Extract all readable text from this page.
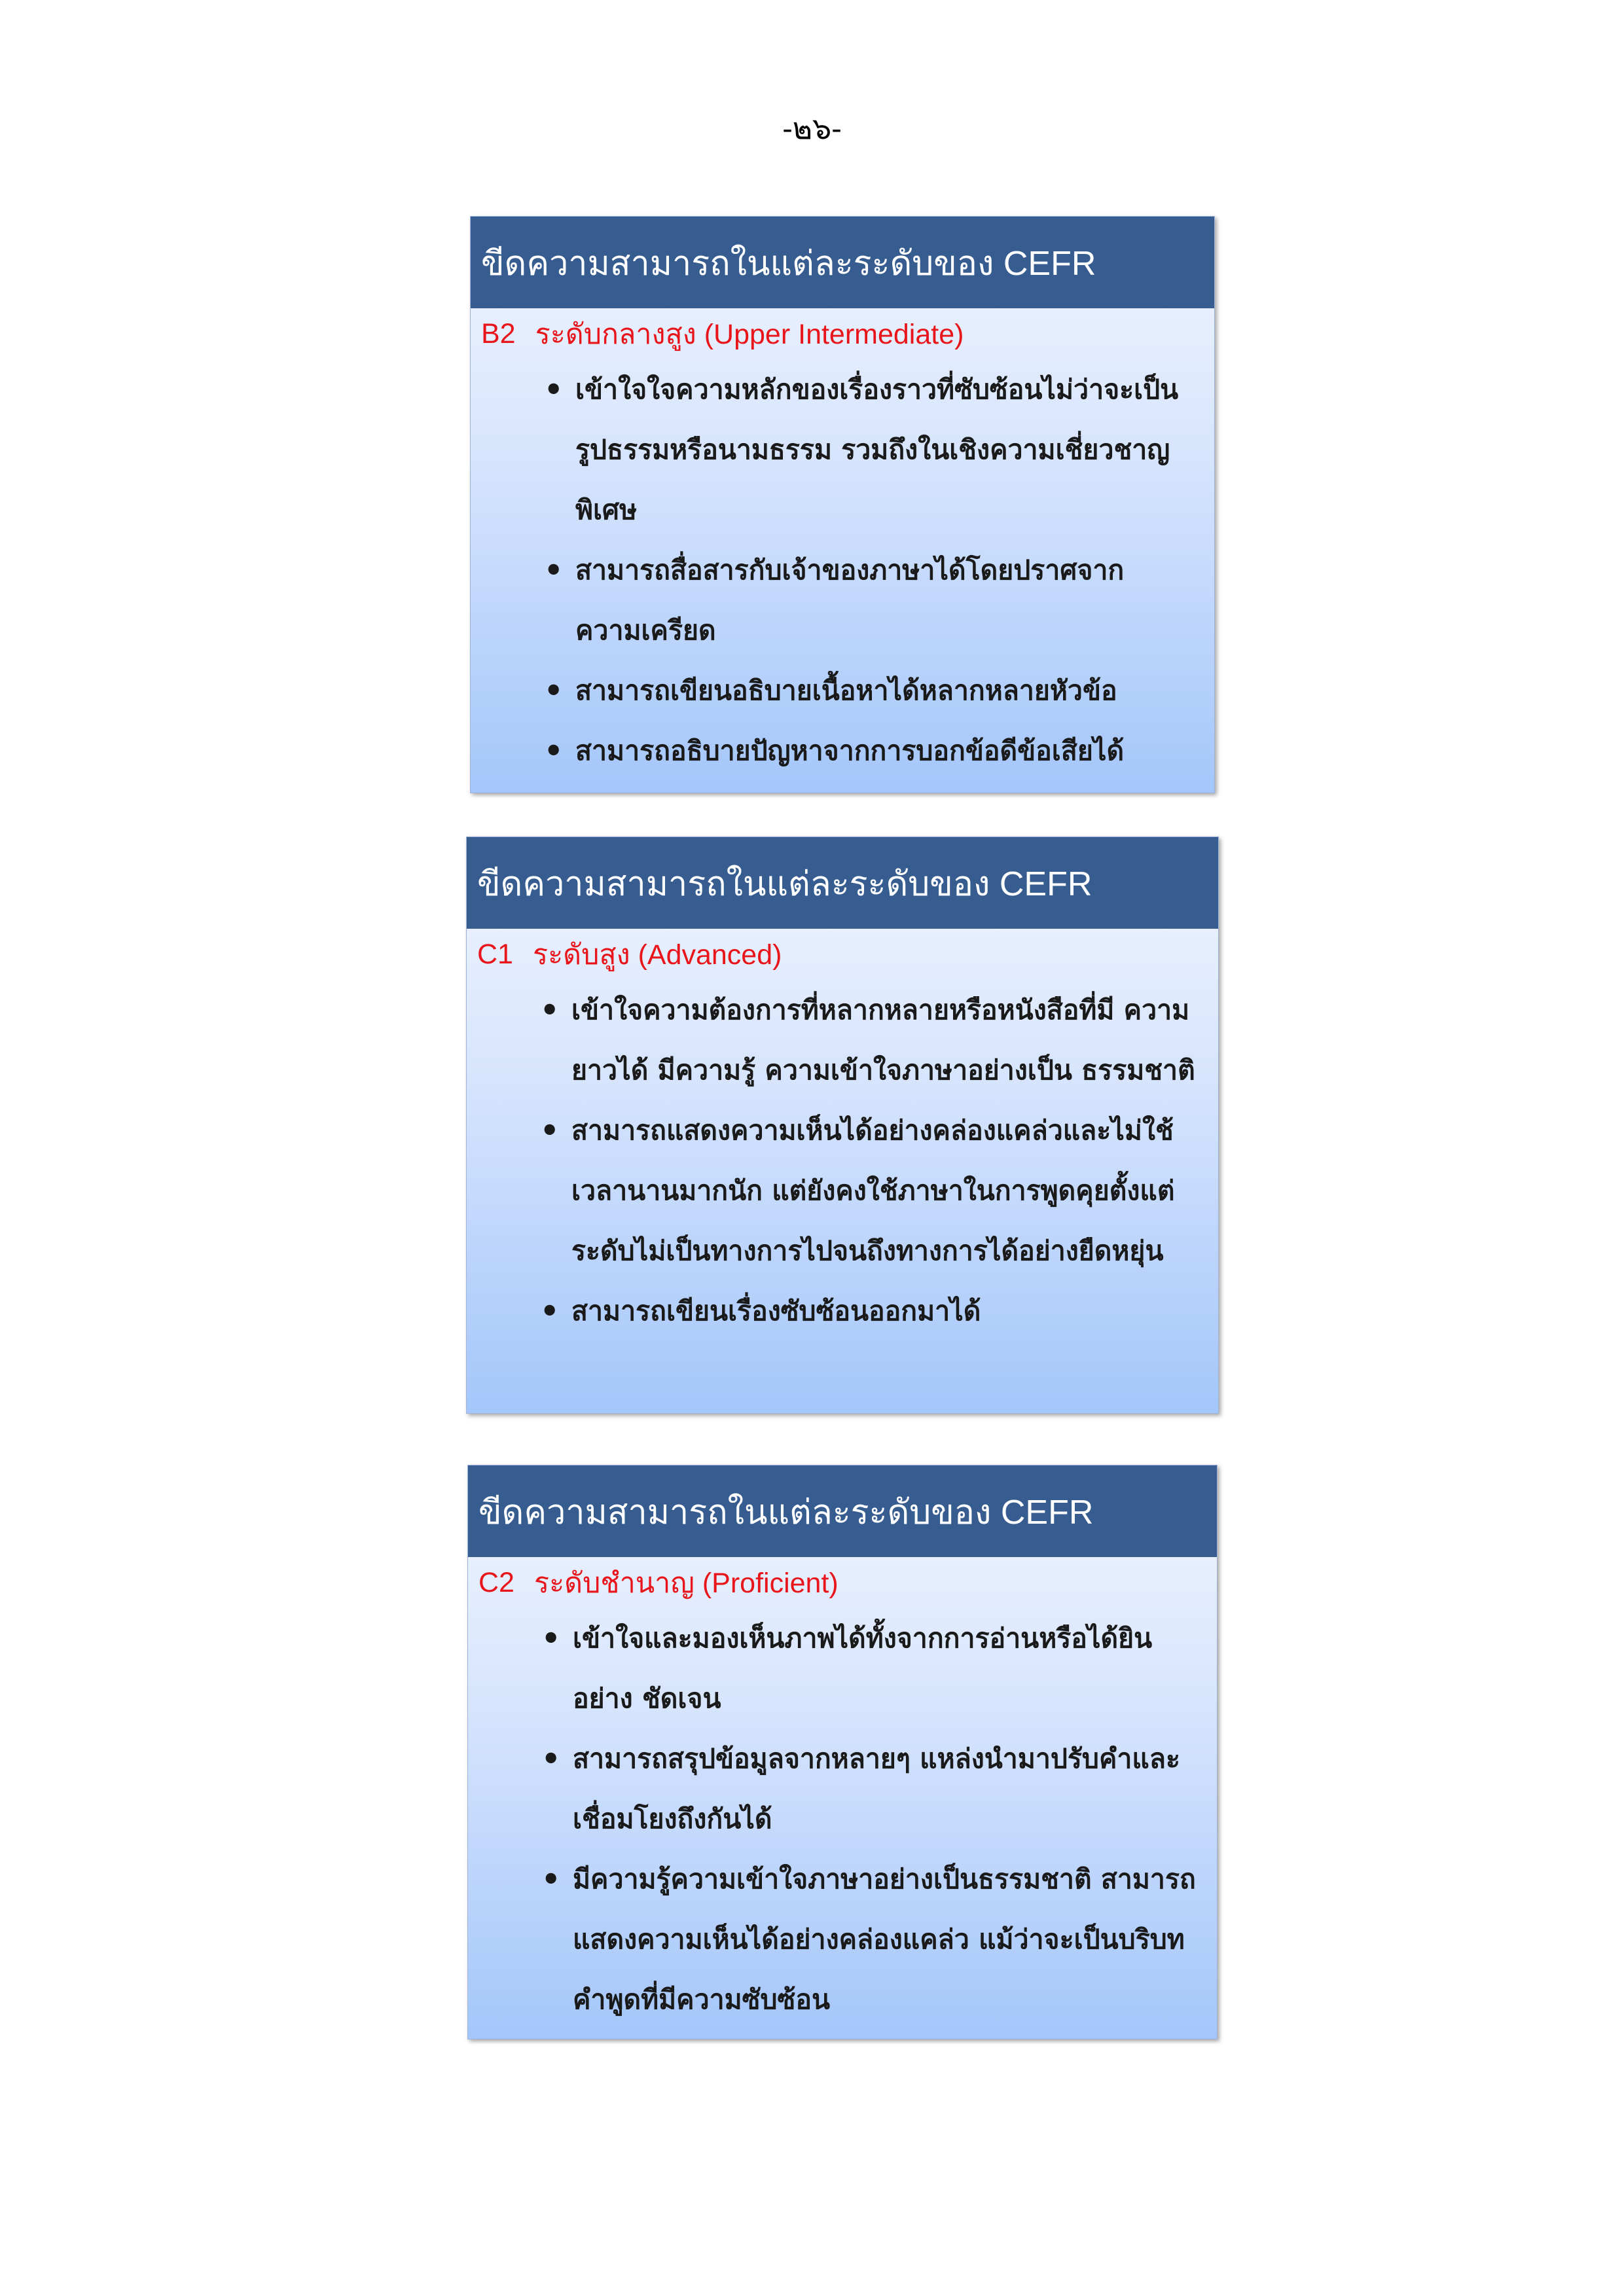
-๒๖-
ขีดความสามารถในแต่ละระดับของ CEFR
B2 ระดับกลางสูง (Upper Intermediate)
• เข้าใจใจความหลักของเรื่องราวที่ซับซ้อนไม่ว่าจะเป็น รูปธรรมหรือนามธรรม รวมถึงในเชิงความเชี่ยวชาญพิเศษ
• สามารถสื่อสารกับเจ้าของภาษาได้โดยปราศจาก ความเครียด
• สามารถเขียนอธิบายเนื้อหาได้หลากหลายหัวข้อ
• สามารถอธิบายปัญหาจากการบอกข้อดีข้อเสียได้
ขีดความสามารถในแต่ละระดับของ CEFR
C1 ระดับสูง (Advanced)
• เข้าใจความต้องการที่หลากหลายหรือหนังสือที่มี ความยาวได้ มีความรู้ ความเข้าใจภาษาอย่างเป็น ธรรมชาติ
• สามารถแสดงความเห็นได้อย่างคล่องแคล่วและไม่ใช้ เวลานานมากนัก แต่ยังคงใช้ภาษาในการพูดคุยตั้งแต่ ระดับไม่เป็นทางการไปจนถึงทางการได้อย่างยืดหยุ่น
• สามารถเขียนเรื่องซับซ้อนออกมาได้
ขีดความสามารถในแต่ละระดับของ CEFR
C2 ระดับชำนาญ (Proficient)
• เข้าใจและมองเห็นภาพได้ทั้งจากการอ่านหรือได้ยินอย่าง ชัดเจน
• สามารถสรุปข้อมูลจากหลายๆ แหล่งนำมาปรับคำและ เชื่อมโยงถึงกันได้
• มีความรู้ความเข้าใจภาษาอย่างเป็นธรรมชาติ สามารถ แสดงความเห็นได้อย่างคล่องแคล่ว แม้ว่าจะเป็นบริบท คำพูดที่มีความซับซ้อน
